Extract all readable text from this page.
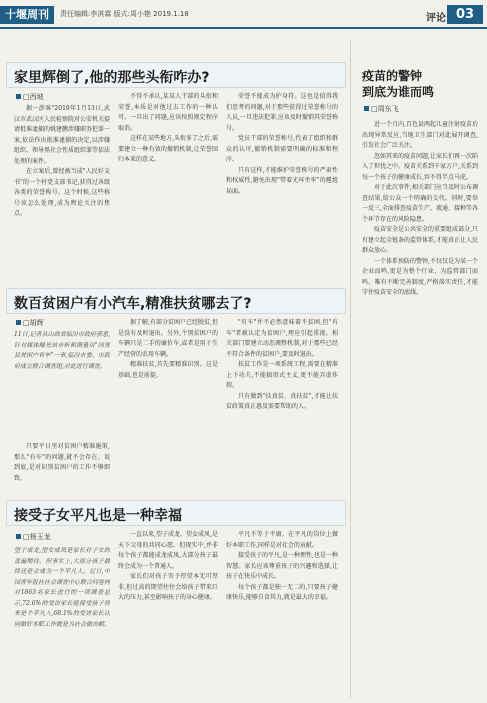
十堰周刊	责任编辑:李淇霖 版式:周小艳 2019.1.18	评论 03
家里辉倒了,他的那些头衔咋办?
□西坡

据一澎客"2019年1月13日,武汉市武汉区人民检察院对公安机关提请批准逮捕的姚建鹏涉嫌职务犯罪一案,依法作出批准逮捕的决定,以涉嫌组织、领导黑社会性质组织罪等依法处理的案件。

在立案后,曾经被当成"人民好支书"的一个村党支部书记,获得过各级各类的荣誉称号。这个时候,这些称号该怎么处理,成为舆论关注的焦点。

不得不承认,某某人干部的头衔和荣誉,本质是对他过去工作的一种认可。一旦出了问题,应该按照规定程序取消。

这样在某些地方,头衔多了之后,需要建立一种有效的撤销机制,让荣誉回归本来的意义。

荣誉不能成为护身符。这也是值得我们思考的问题,对于那些获得过荣誉称号的人员,一旦违法犯罪,应该及时撤销其荣誉称号。

党员干部的荣誉称号,代表了组织和群众的认可,撤销机制需要明确的标准和程序。

只有这样,才能维护荣誉称号的严肃性和权威性,避免出现"带着光环坐牢"的尴尬局面。

数百贫困户有小汽车,精准扶贫哪去了?
□胡辉
11日,记者从山西省临汾市政府获悉,针对媒体曝光该市昕和测量员"国贫县贫困户有车"一事,临汾市委、市政府成立联合调查组,对此进行调查。

只要平日里对贫困户精准施策,那么"有车"的问题,就不会存在。说到底,是对识别贫困户的工作不够细致。

据了解,有部分贫困户已经脱贫,但是没有及时退出。另外,个别贫困户的车辆只是二手的廉价车,或者是用于生产经营的农用车辆。

精准扶贫,首先要精准识别。这是基础,也是前提。

"有车"并不必然意味着不贫困,但"有车"者被认定为贫困户,理应引起重视。相关部门要建立动态调整机制,对于那些已经不符合条件的贫困户,要及时退出。

扶贫工作是一项系统工程,需要在精准上下功夫,不能搞形式主义,更不能弄虚作假。

只有做到"扶真贫、真扶贫",才能让扶贫政策真正惠及需要帮助的人。

接受子女平凡也是一种幸福
□杨玉龙
望子成龙,望女成凤是家长对子女的普遍期待。但事实上,大部分孩子最终还是会成为一个平凡人。近日,中国青年报社社会调查中心联合问卷网对1863名家长进行的一项调查显示,72.6%的受访家长能接受孩子将来是个平凡人,68.1%的受访家长认同做好本职工作就是为社会做贡献。

一直以来,望子成龙、望女成凤,是天下父母的共同心愿。但现实中,并非每个孩子都能成龙成凤,大部分孩子最终会成为一个普通人。

家长们对孩子寄予厚望本无可厚非,但过高的期望往往会给孩子带来巨大的压力,甚至影响孩子的身心健康。

平凡不等于平庸。在平凡的岗位上做好本职工作,同样是对社会的贡献。

接受孩子的平凡,是一种理性,也是一种智慧。家长应该尊重孩子的兴趣和选择,让孩子在快乐中成长。

每个孩子都是独一无二的,只要孩子健康快乐,能够自食其力,就是最大的幸福。

疫苗的警钟
到底为谁而鸣
□周东飞

近一个月内,百色县两起儿童注射疫苗后出现异常反应,当地卫生部门对此展开调查,引发社会广泛关注。

忽如其来的疫苗问题,让家长们再一次陷入了担忧之中。疫苗关系到千家万户,关系到每一个孩子的健康成长,容不得半点马虎。

对于此次事件,相关部门应当及时公布调查结果,给公众一个明确的交代。同时,要举一反三,全面排查疫苗生产、流通、接种等各个环节存在的风险隐患。

疫苗安全是公共安全的重要组成部分,只有建立起全链条的监管体系,才能真正让人民群众放心。

一个体系预防的警钟,不仅仅是为某一个企业而鸣,更是为整个行业、为监管部门而鸣。唯有不断完善制度,严格落实责任,才能守住疫苗安全的底线。
